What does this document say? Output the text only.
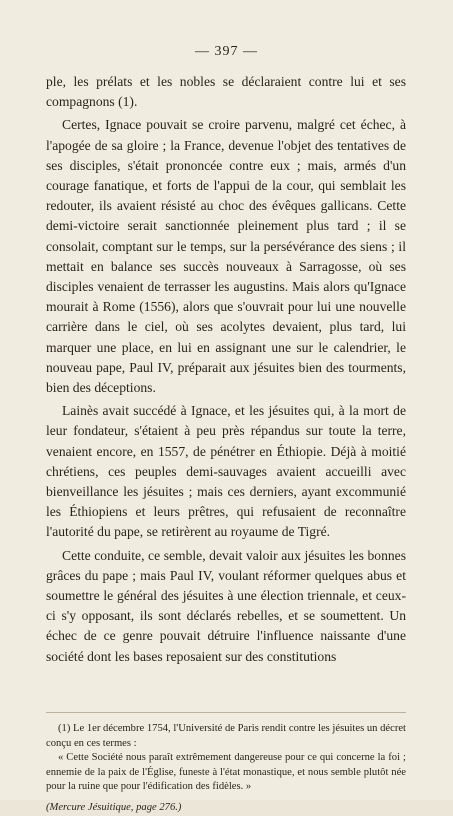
— 397 —

ple, les prélats et les nobles se déclaraient contre lui et ses compagnons (1).

Certes, Ignace pouvait se croire parvenu, malgré cet échec, à l'apogée de sa gloire ; la France, devenue l'objet des tentatives de ses disciples, s'était prononcée contre eux ; mais, armés d'un courage fanatique, et forts de l'appui de la cour, qui semblait les redouter, ils avaient résisté au choc des évêques gallicans. Cette demi-victoire serait sanctionnée pleinement plus tard ; il se consolait, comptant sur le temps, sur la persévérance des siens ; il mettait en balance ses succès nouveaux à Sarragosse, où ses disciples venaient de terrasser les augustins. Mais alors qu'Ignace mourait à Rome (1556), alors que s'ouvrait pour lui une nouvelle carrière dans le ciel, où ses acolytes devaient, plus tard, lui marquer une place, en lui en assignant une sur le calendrier, le nouveau pape, Paul IV, préparait aux jésuites bien des tourments, bien des déceptions.

Lainès avait succédé à Ignace, et les jésuites qui, à la mort de leur fondateur, s'étaient à peu près répandus sur toute la terre, venaient encore, en 1557, de pénétrer en Éthiopie. Déjà à moitié chrétiens, ces peuples demi-sauvages avaient accueilli avec bienveillance les jésuites ; mais ces derniers, ayant excommunié les Éthiopiens et leurs prêtres, qui refusaient de reconnaître l'autorité du pape, se retirèrent au royaume de Tigré.

Cette conduite, ce semble, devait valoir aux jésuites les bonnes grâces du pape ; mais Paul IV, voulant réformer quelques abus et soumettre le général des jésuites à une élection triennale, et ceux-ci s'y opposant, ils sont déclarés rebelles, et se soumettent. Un échec de ce genre pouvait détruire l'influence naissante d'une société dont les bases reposaient sur des constitutions

(1) Le 1er décembre 1754, l'Université de Paris rendit contre les jésuites un décret conçu en ces termes :

« Cette Société nous paraît extrêmement dangereuse pour ce qui concerne la foi ; ennemie de la paix de l'Église, funeste à l'état monastique, et nous semble plutôt née pour la ruine que pour l'édification des fidèles. »

(Mercure Jésuitique, page 276.)
